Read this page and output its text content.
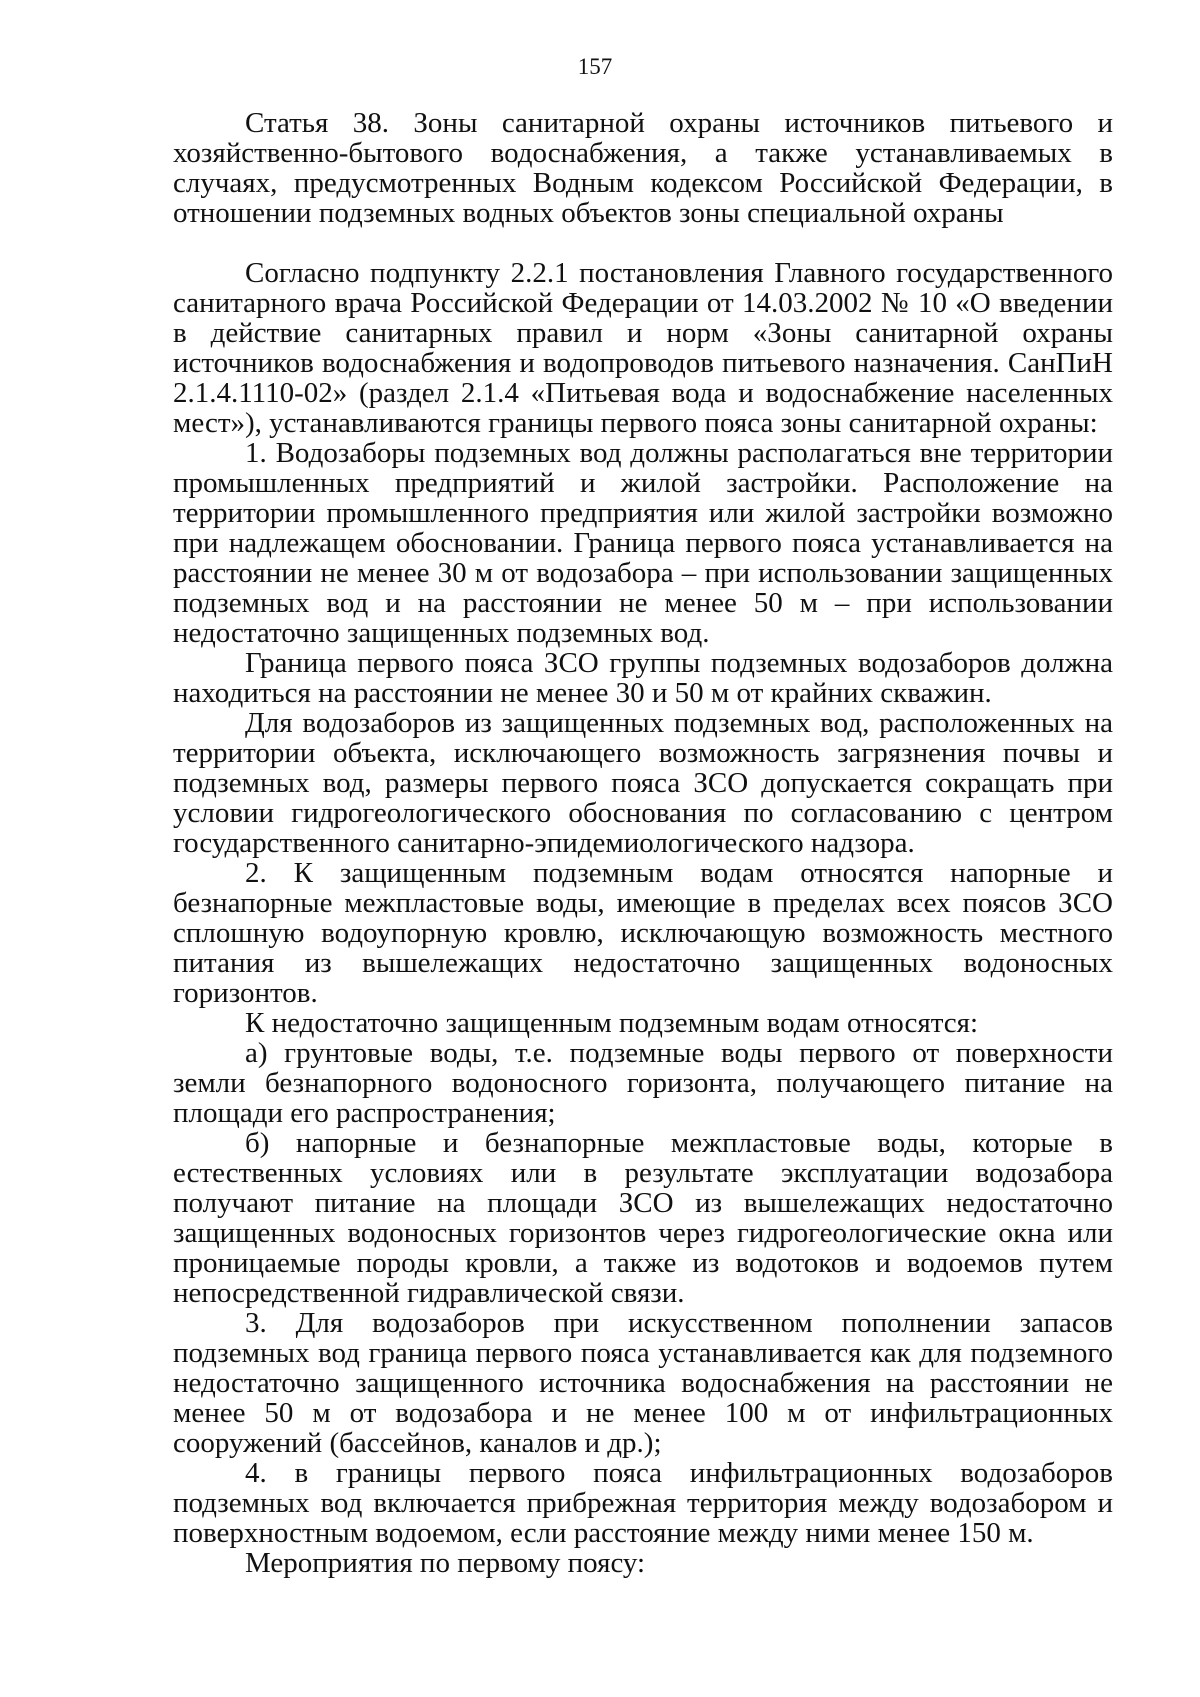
157

Статья 38. Зоны санитарной охраны источников питьевого и хозяйственно-бытового водоснабжения, а также устанавливаемых в случаях, предусмотренных Водным кодексом Российской Федерации, в отношении подземных водных объектов зоны специальной охраны

Согласно подпункту 2.2.1 постановления Главного государственного санитарного врача Российской Федерации от 14.03.2002 № 10 «О введении в действие санитарных правил и норм «Зоны санитарной охраны источников водоснабжения и водопроводов питьевого назначения. СанПиН 2.1.4.1110-02» (раздел 2.1.4 «Питьевая вода и водоснабжение населенных мест»), устанавливаются границы первого пояса зоны санитарной охраны:

1. Водозаборы подземных вод должны располагаться вне территории промышленных предприятий и жилой застройки. Расположение на территории промышленного предприятия или жилой застройки возможно при надлежащем обосновании. Граница первого пояса устанавливается на расстоянии не менее 30 м от водозабора – при использовании защищенных подземных вод и на расстоянии не менее 50 м – при использовании недостаточно защищенных подземных вод.

Граница первого пояса ЗСО группы подземных водозаборов должна находиться на расстоянии не менее 30 и 50 м от крайних скважин.

Для водозаборов из защищенных подземных вод, расположенных на территории объекта, исключающего возможность загрязнения почвы и подземных вод, размеры первого пояса ЗСО допускается сокращать при условии гидрогеологического обоснования по согласованию с центром государственного санитарно-эпидемиологического надзора.

2. К защищенным подземным водам относятся напорные и безнапорные межпластовые воды, имеющие в пределах всех поясов ЗСО сплошную водоупорную кровлю, исключающую возможность местного питания из вышележащих недостаточно защищенных водоносных горизонтов.

К недостаточно защищенным подземным водам относятся:

а) грунтовые воды, т.е. подземные воды первого от поверхности земли безнапорного водоносного горизонта, получающего питание на площади его распространения;

б) напорные и безнапорные межпластовые воды, которые в естественных условиях или в результате эксплуатации водозабора получают питание на площади ЗСО из вышележащих недостаточно защищенных водоносных горизонтов через гидрогеологические окна или проницаемые породы кровли, а также из водотоков и водоемов путем непосредственной гидравлической связи.

3. Для водозаборов при искусственном пополнении запасов подземных вод граница первого пояса устанавливается как для подземного недостаточно защищенного источника водоснабжения на расстоянии не менее 50 м от водозабора и не менее 100 м от инфильтрационных сооружений (бассейнов, каналов и др.);

4. в границы первого пояса инфильтрационных водозаборов подземных вод включается прибрежная территория между водозабором и поверхностным водоемом, если расстояние между ними менее 150 м.

Мероприятия по первому поясу:
